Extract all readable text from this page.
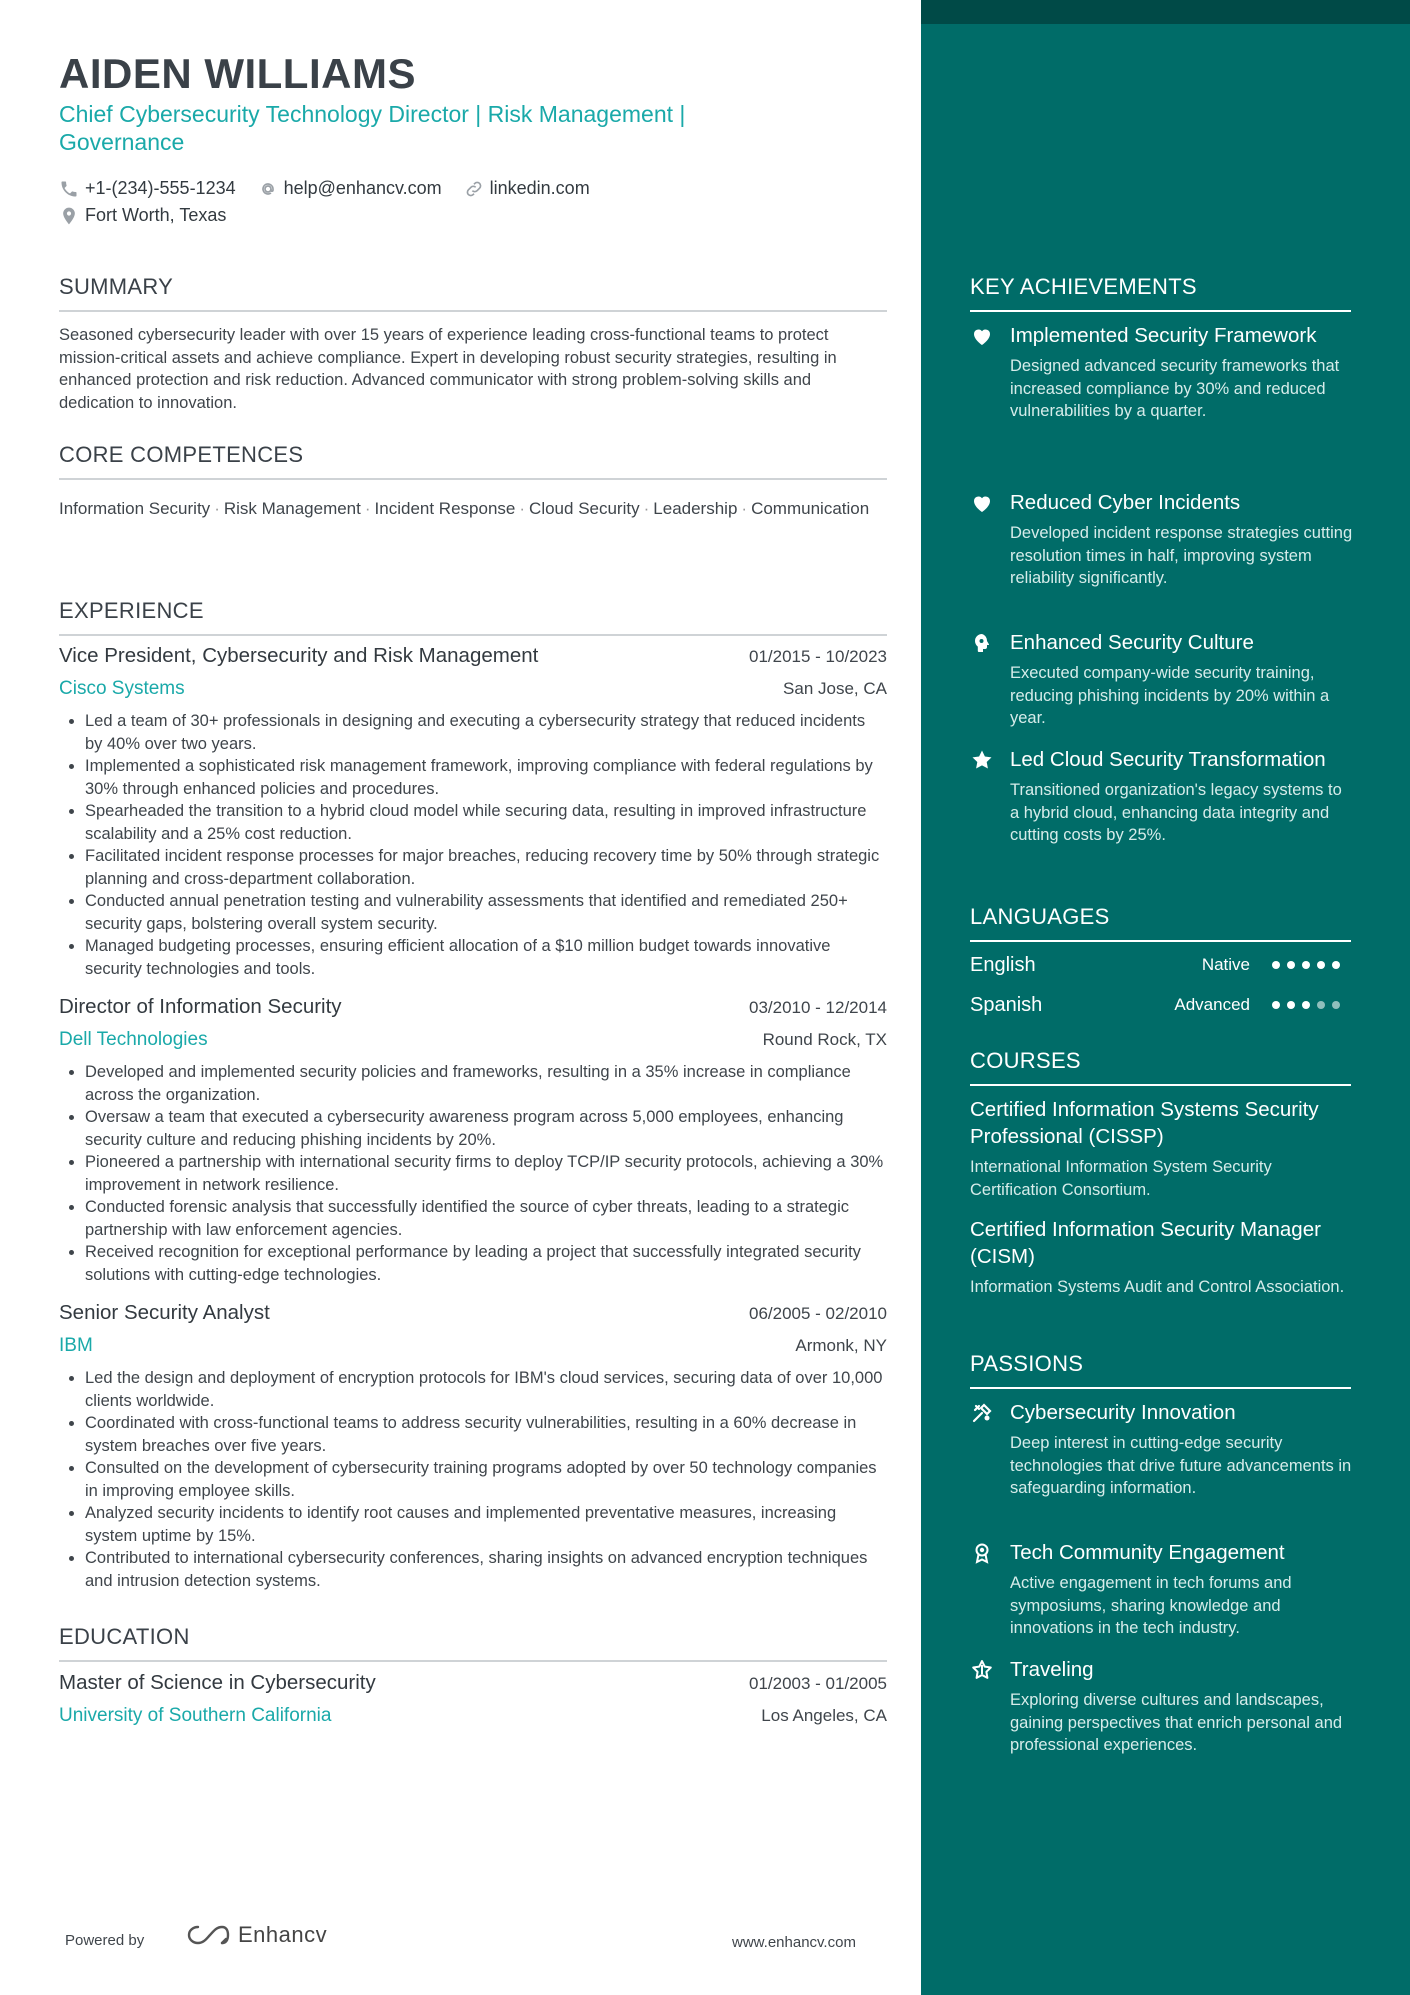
AIDEN WILLIAMS
Chief Cybersecurity Technology Director | Risk Management | Governance
+1-(234)-555-1234	help@enhancv.com	linkedin.com
Fort Worth, Texas
SUMMARY
Seasoned cybersecurity leader with over 15 years of experience leading cross-functional teams to protect mission-critical assets and achieve compliance. Expert in developing robust security strategies, resulting in enhanced protection and risk reduction. Advanced communicator with strong problem-solving skills and dedication to innovation.
CORE COMPETENCES
Information Security · Risk Management · Incident Response · Cloud Security · Leadership · Communication
EXPERIENCE
Vice President, Cybersecurity and Risk Management	01/2015 - 10/2023
Cisco Systems	San Jose, CA
• Led a team of 30+ professionals in designing and executing a cybersecurity strategy that reduced incidents by 40% over two years.
• Implemented a sophisticated risk management framework, improving compliance with federal regulations by 30% through enhanced policies and procedures.
• Spearheaded the transition to a hybrid cloud model while securing data, resulting in improved infrastructure scalability and a 25% cost reduction.
• Facilitated incident response processes for major breaches, reducing recovery time by 50% through strategic planning and cross-department collaboration.
• Conducted annual penetration testing and vulnerability assessments that identified and remediated 250+ security gaps, bolstering overall system security.
• Managed budgeting processes, ensuring efficient allocation of a $10 million budget towards innovative security technologies and tools.
Director of Information Security	03/2010 - 12/2014
Dell Technologies	Round Rock, TX
• Developed and implemented security policies and frameworks, resulting in a 35% increase in compliance across the organization.
• Oversaw a team that executed a cybersecurity awareness program across 5,000 employees, enhancing security culture and reducing phishing incidents by 20%.
• Pioneered a partnership with international security firms to deploy TCP/IP security protocols, achieving a 30% improvement in network resilience.
• Conducted forensic analysis that successfully identified the source of cyber threats, leading to a strategic partnership with law enforcement agencies.
• Received recognition for exceptional performance by leading a project that successfully integrated security solutions with cutting-edge technologies.
Senior Security Analyst	06/2005 - 02/2010
IBM	Armonk, NY
• Led the design and deployment of encryption protocols for IBM's cloud services, securing data of over 10,000 clients worldwide.
• Coordinated with cross-functional teams to address security vulnerabilities, resulting in a 60% decrease in system breaches over five years.
• Consulted on the development of cybersecurity training programs adopted by over 50 technology companies in improving employee skills.
• Analyzed security incidents to identify root causes and implemented preventative measures, increasing system uptime by 15%.
• Contributed to international cybersecurity conferences, sharing insights on advanced encryption techniques and intrusion detection systems.
EDUCATION
Master of Science in Cybersecurity	01/2003 - 01/2005
University of Southern California	Los Angeles, CA
Powered by	Enhancv	www.enhancv.com
KEY ACHIEVEMENTS
Implemented Security Framework
Designed advanced security frameworks that increased compliance by 30% and reduced vulnerabilities by a quarter.
Reduced Cyber Incidents
Developed incident response strategies cutting resolution times in half, improving system reliability significantly.
Enhanced Security Culture
Executed company-wide security training, reducing phishing incidents by 20% within a year.
Led Cloud Security Transformation
Transitioned organization's legacy systems to a hybrid cloud, enhancing data integrity and cutting costs by 25%.
LANGUAGES
English	Native
Spanish	Advanced
COURSES
Certified Information Systems Security Professional (CISSP)
International Information System Security Certification Consortium.
Certified Information Security Manager (CISM)
Information Systems Audit and Control Association.
PASSIONS
Cybersecurity Innovation
Deep interest in cutting-edge security technologies that drive future advancements in safeguarding information.
Tech Community Engagement
Active engagement in tech forums and symposiums, sharing knowledge and innovations in the tech industry.
Traveling
Exploring diverse cultures and landscapes, gaining perspectives that enrich personal and professional experiences.
